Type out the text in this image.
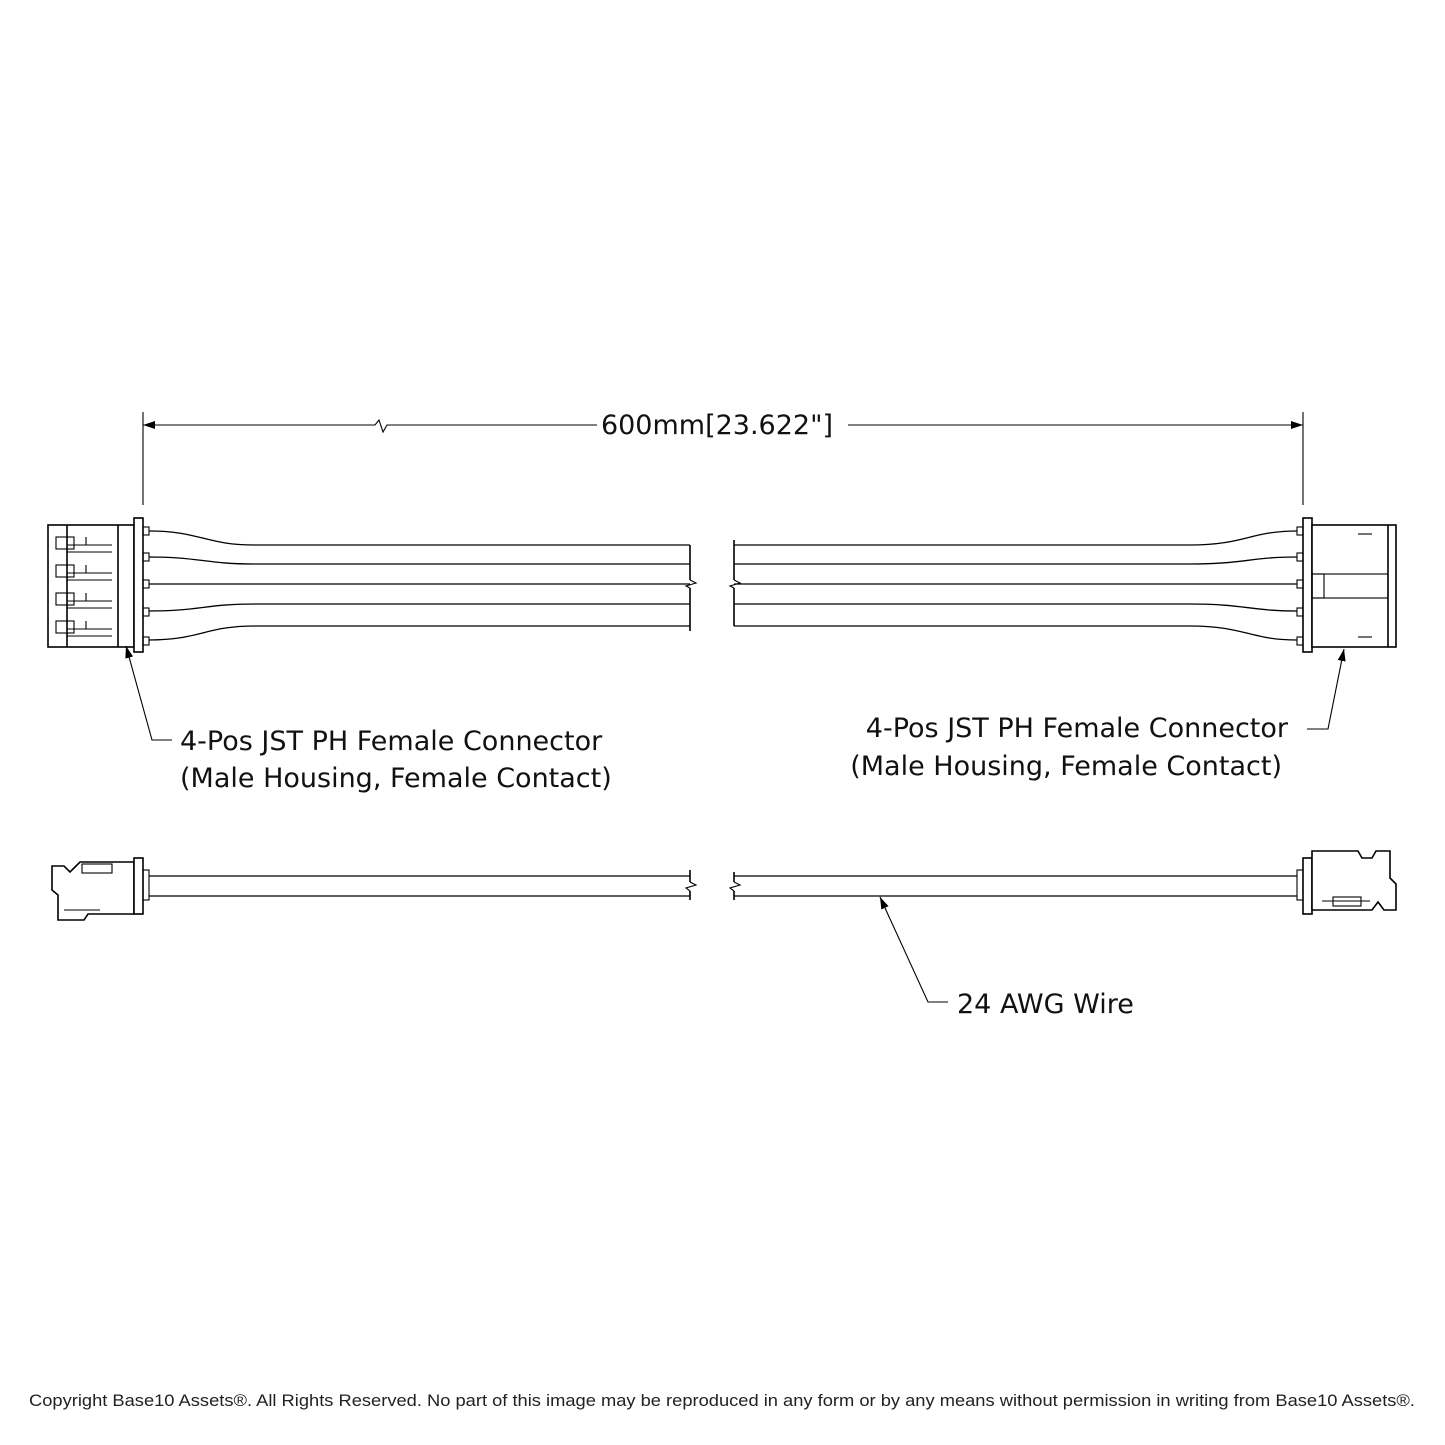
600mm[23.622"]
4-Pos JST PH Female Connector
(Male Housing, Female Contact)
4-Pos JST PH Female Connector
(Male Housing, Female Contact)
24 AWG Wire
Copyright Base10 Assets®. All Rights Reserved. No part of this image may be reproduced in any form or by any means without permission in writing from Base10 Assets®.
